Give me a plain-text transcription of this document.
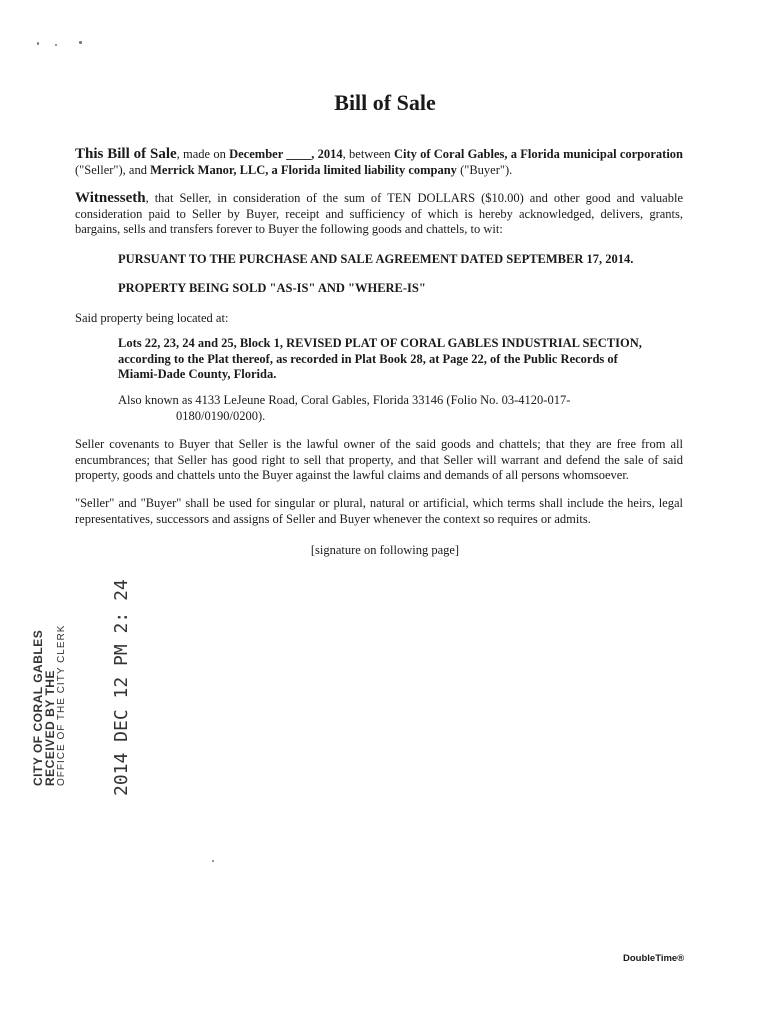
Bill of Sale
This Bill of Sale, made on December ____, 2014, between City of Coral Gables, a Florida municipal corporation ("Seller"), and Merrick Manor, LLC, a Florida limited liability company ("Buyer").
Witnesseth, that Seller, in consideration of the sum of TEN DOLLARS ($10.00) and other good and valuable consideration paid to Seller by Buyer, receipt and sufficiency of which is hereby acknowledged, delivers, grants, bargains, sells and transfers forever to Buyer the following goods and chattels, to wit:
PURSUANT TO THE PURCHASE AND SALE AGREEMENT DATED SEPTEMBER 17, 2014.
PROPERTY BEING SOLD "AS-IS" AND "WHERE-IS"
Said property being located at:
Lots 22, 23, 24 and 25, Block 1, REVISED PLAT OF CORAL GABLES INDUSTRIAL SECTION, according to the Plat thereof, as recorded in Plat Book 28, at Page 22, of the Public Records of Miami-Dade County, Florida.
Also known as 4133 LeJeune Road, Coral Gables, Florida 33146 (Folio No. 03-4120-017-
0180/0190/0200).
Seller covenants to Buyer that Seller is the lawful owner of the said goods and chattels; that they are free from all encumbrances; that Seller has good right to sell that property, and that Seller will warrant and defend the sale of said property, goods and chattels unto the Buyer against the lawful claims and demands of all persons whomsoever.
"Seller" and "Buyer" shall be used for singular or plural, natural or artificial, which terms shall include the heirs, legal representatives, successors and assigns of Seller and Buyer whenever the context so requires or admits.
[signature on following page]
CITY OF CORAL GABLES
RECEIVED BY THE OFFICE OF THE CITY CLERK 2014 DEC 12 PM 2: 24
DoubleTime®
